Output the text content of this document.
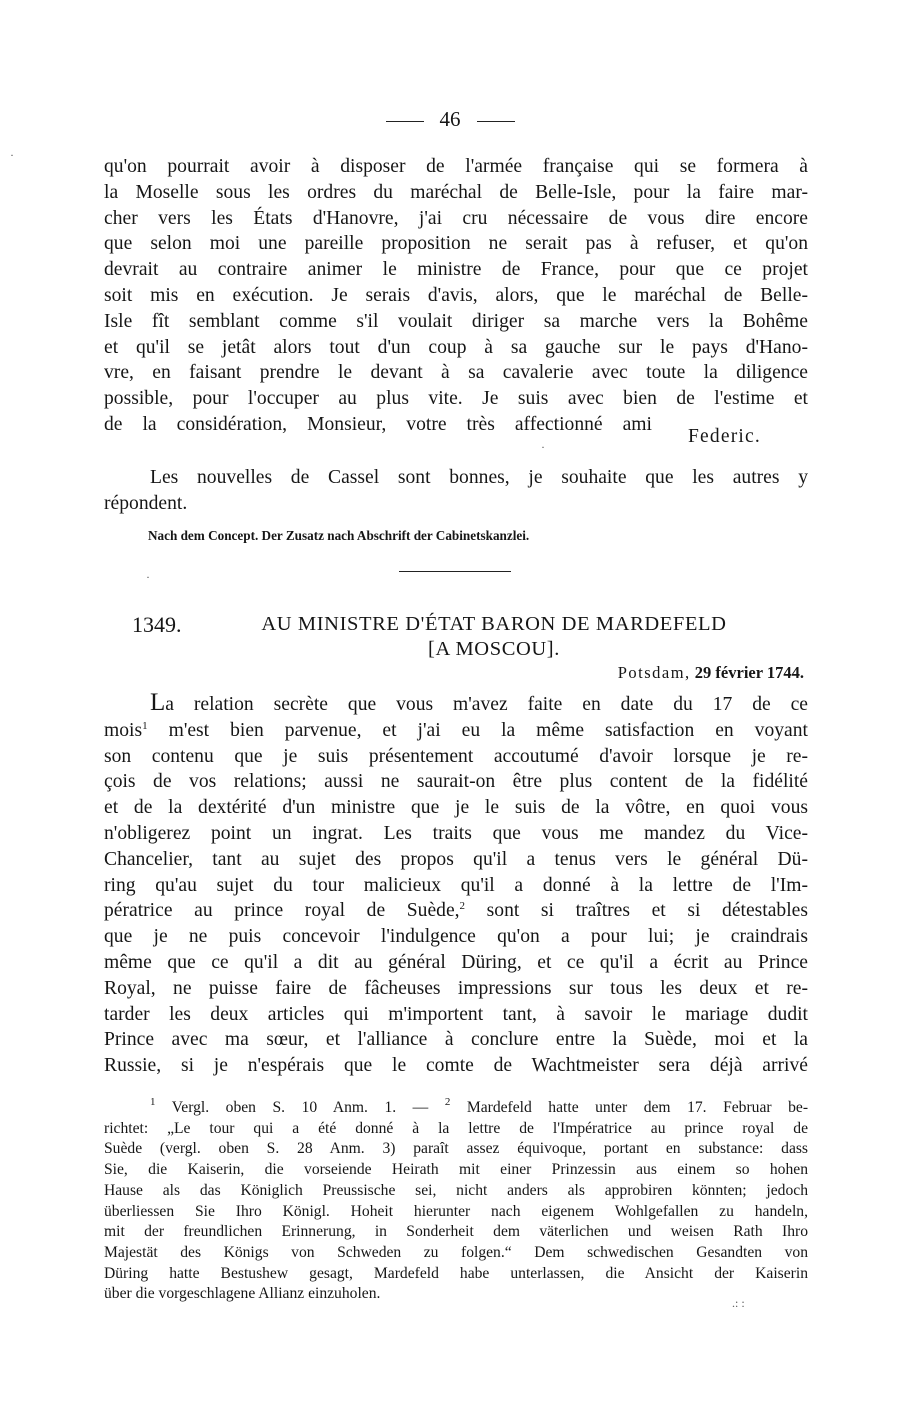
46
qu'on pourrait avoir à disposer de l'armée française qui se formera à
la Moselle sous les ordres du maréchal de Belle-Isle, pour la faire mar-
cher vers les États d'Hanovre, j'ai cru nécessaire de vous dire encore
que selon moi une pareille proposition ne serait pas à refuser, et qu'on
devrait au contraire animer le ministre de France, pour que ce projet
soit mis en exécution. Je serais d'avis, alors, que le maréchal de Belle-
Isle fît semblant comme s'il voulait diriger sa marche vers la Bohême
et qu'il se jetât alors tout d'un coup à sa gauche sur le pays d'Hano-
vre, en faisant prendre le devant à sa cavalerie avec toute la diligence
possible, pour l'occuper au plus vite. Je suis avec bien de l'estime et
de la considération, Monsieur, votre très affectionné ami
Federic.
Les nouvelles de Cassel sont bonnes, je souhaite que les autres y
répondent.
Nach dem Concept. Der Zusatz nach Abschrift der Cabinetskanzlei.
1349.	AU MINISTRE D'ÉTAT BARON DE MARDEFELD
[A MOSCOU].
Potsdam, 29 février 1744.
La relation secrète que vous m'avez faite en date du 17 de ce
mois$^1$ m'est bien parvenue, et j'ai eu la même satisfaction en voyant
son contenu que je suis présentement accoutumé d'avoir lorsque je re-
çois de vos relations; aussi ne saurait-on être plus content de la fidélité
et de la dextérité d'un ministre que je le suis de la vôtre, en quoi vous
n'obligerez point un ingrat. Les traits que vous me mandez du Vice-
Chancelier, tant au sujet des propos qu'il a tenus vers le général Dü-
ring qu'au sujet du tour malicieux qu'il a donné à la lettre de l'Im-
pératrice au prince royal de Suède,$^2$ sont si traîtres et si détestables
que je ne puis concevoir l'indulgence qu'on a pour lui; je craindrais
même que ce qu'il a dit au général Düring, et ce qu'il a écrit au Prince
Royal, ne puisse faire de fâcheuses impressions sur tous les deux et re-
tarder les deux articles qui m'importent tant, à savoir le mariage dudit
Prince avec ma sœur, et l'alliance à conclure entre la Suède, moi et la
Russie, si je n'espérais que le comte de Wachtmeister sera déjà arrivé
$^1$ Vergl. oben S. 10 Anm. 1. — $^2$ Mardefeld hatte unter dem 17. Februar be-
richtet: „Le tour qui a été donné à la lettre de l'Impératrice au prince royal de
Suède (vergl. oben S. 28 Anm. 3) paraît assez équivoque, portant en substance: dass
Sie, die Kaiserin, die vorseiende Heirath mit einer Prinzessin aus einem so hohen
Hause als das Königlich Preussische sei, nicht anders als approbiren könnten; jedoch
überliessen Sie Ihro Königl. Hoheit hierunter nach eigenem Wohlgefallen zu handeln,
mit der freundlichen Erinnerung, in Sonderheit dem väterlichen und weisen Rath Ihro
Majestät des Königs von Schweden zu folgen.“ Dem schwedischen Gesandten von
Düring hatte Bestushew gesagt, Mardefeld habe unterlassen, die Ansicht der Kaiserin
über die vorgeschlagene Allianz einzuholen.
·
·
·
.: :
